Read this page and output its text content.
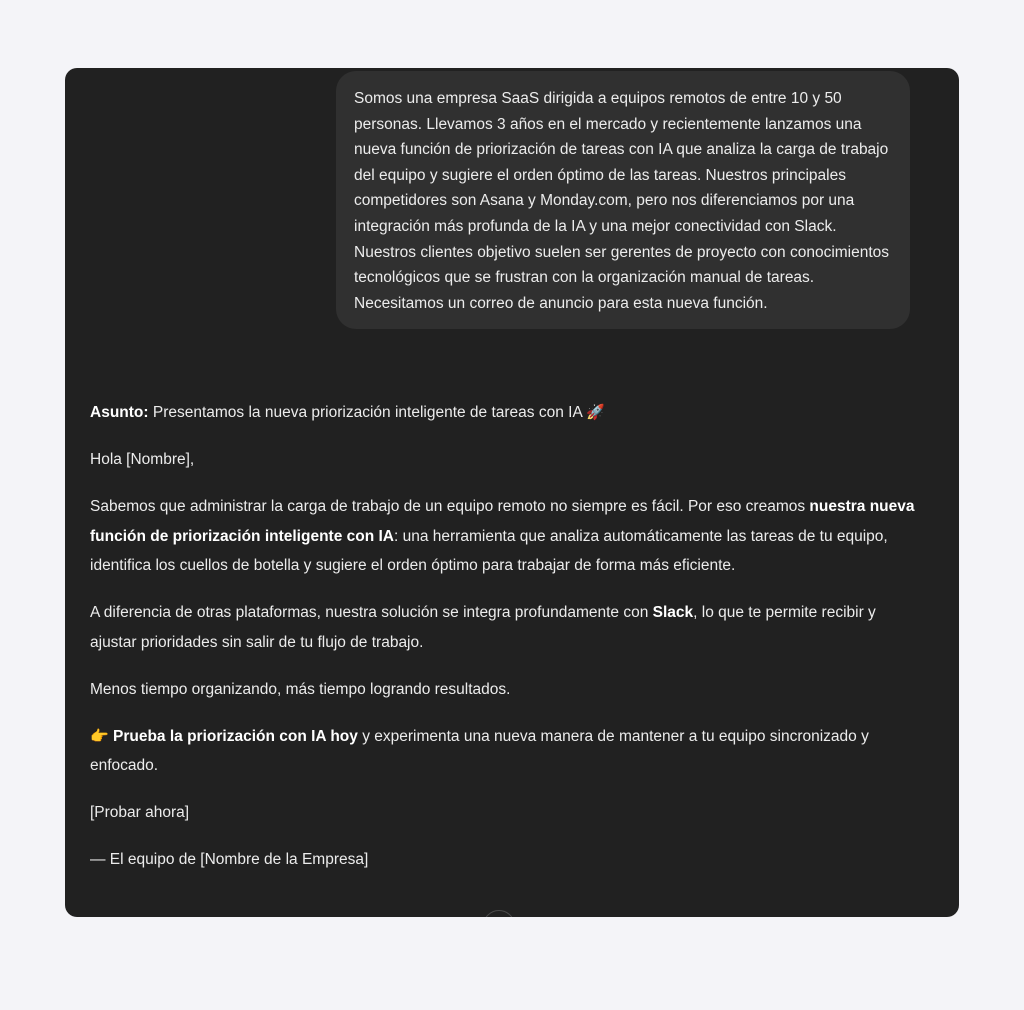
Somos una empresa SaaS dirigida a equipos remotos de entre 10 y 50 personas. Llevamos 3 años en el mercado y recientemente lanzamos una nueva función de priorización de tareas con IA que analiza la carga de trabajo del equipo y sugiere el orden óptimo de las tareas. Nuestros principales competidores son Asana y Monday.com, pero nos diferenciamos por una integración más profunda de la IA y una mejor conectividad con Slack. Nuestros clientes objetivo suelen ser gerentes de proyecto con conocimientos tecnológicos que se frustran con la organización manual de tareas. Necesitamos un correo de anuncio para esta nueva función.

Asunto: Presentamos la nueva priorización inteligente de tareas con IA 🚀

Hola [Nombre],

Sabemos que administrar la carga de trabajo de un equipo remoto no siempre es fácil. Por eso creamos nuestra nueva función de priorización inteligente con IA: una herramienta que analiza automáticamente las tareas de tu equipo, identifica los cuellos de botella y sugiere el orden óptimo para trabajar de forma más eficiente.

A diferencia de otras plataformas, nuestra solución se integra profundamente con Slack, lo que te permite recibir y ajustar prioridades sin salir de tu flujo de trabajo.

Menos tiempo organizando, más tiempo logrando resultados.

👉 Prueba la priorización con IA hoy y experimenta una nueva manera de mantener a tu equipo sincronizado y enfocado.

[Probar ahora]

— El equipo de [Nombre de la Empresa]
